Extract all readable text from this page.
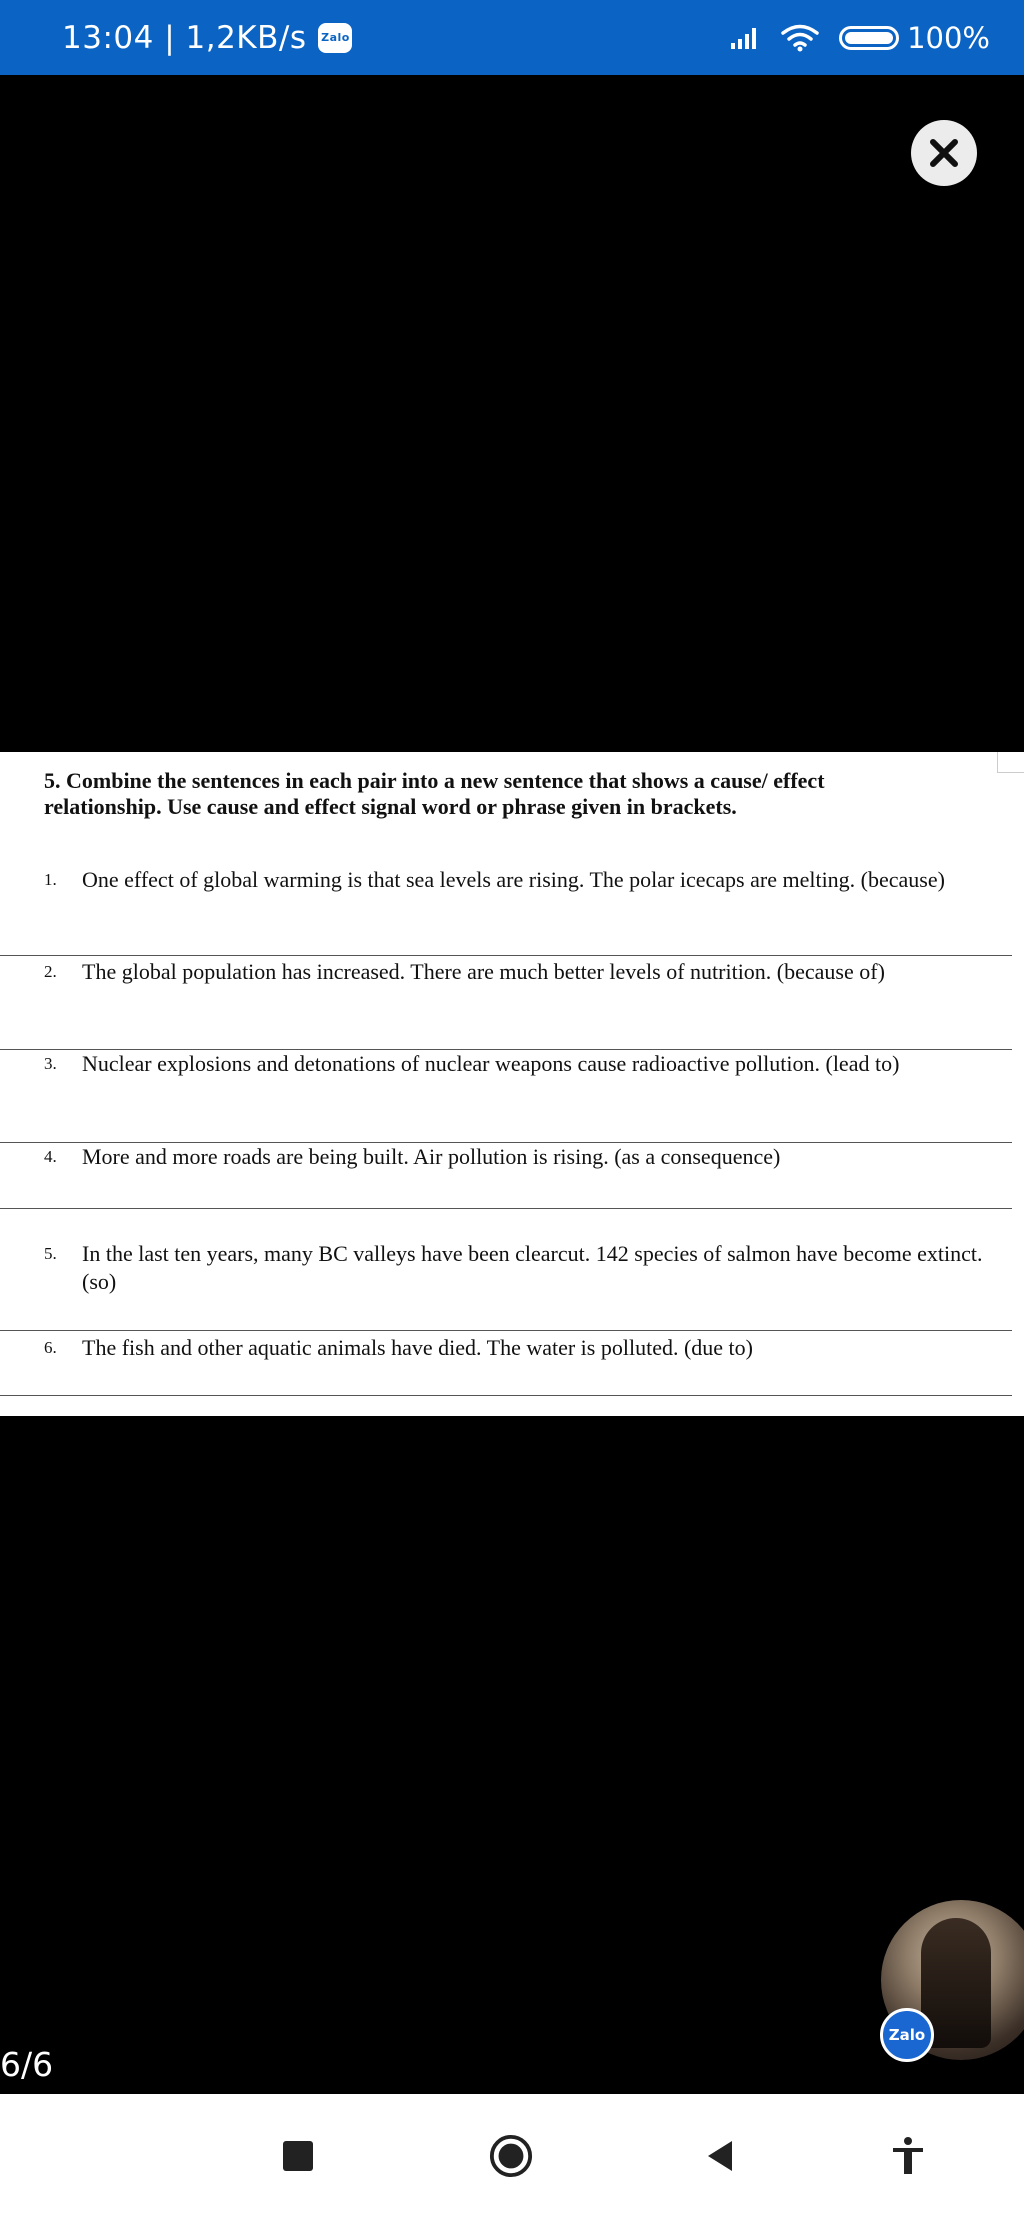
13:04 | 1,2KB/s Zalo	100%
5. Combine the sentences in each pair into a new sentence that shows a cause/ effect relationship. Use cause and effect signal word or phrase given in brackets.
1. One effect of global warming is that sea levels are rising. The polar icecaps are melting. (because)
2. The global population has increased. There are much better levels of nutrition. (because of)
3. Nuclear explosions and detonations of nuclear weapons cause radioactive pollution. (lead to)
4. More and more roads are being built. Air pollution is rising. (as a consequence)
5. In the last ten years, many BC valleys have been clearcut. 142 species of salmon have become extinct. (so)
6. The fish and other aquatic animals have died. The water is polluted. (due to)
Zalo
6/6
